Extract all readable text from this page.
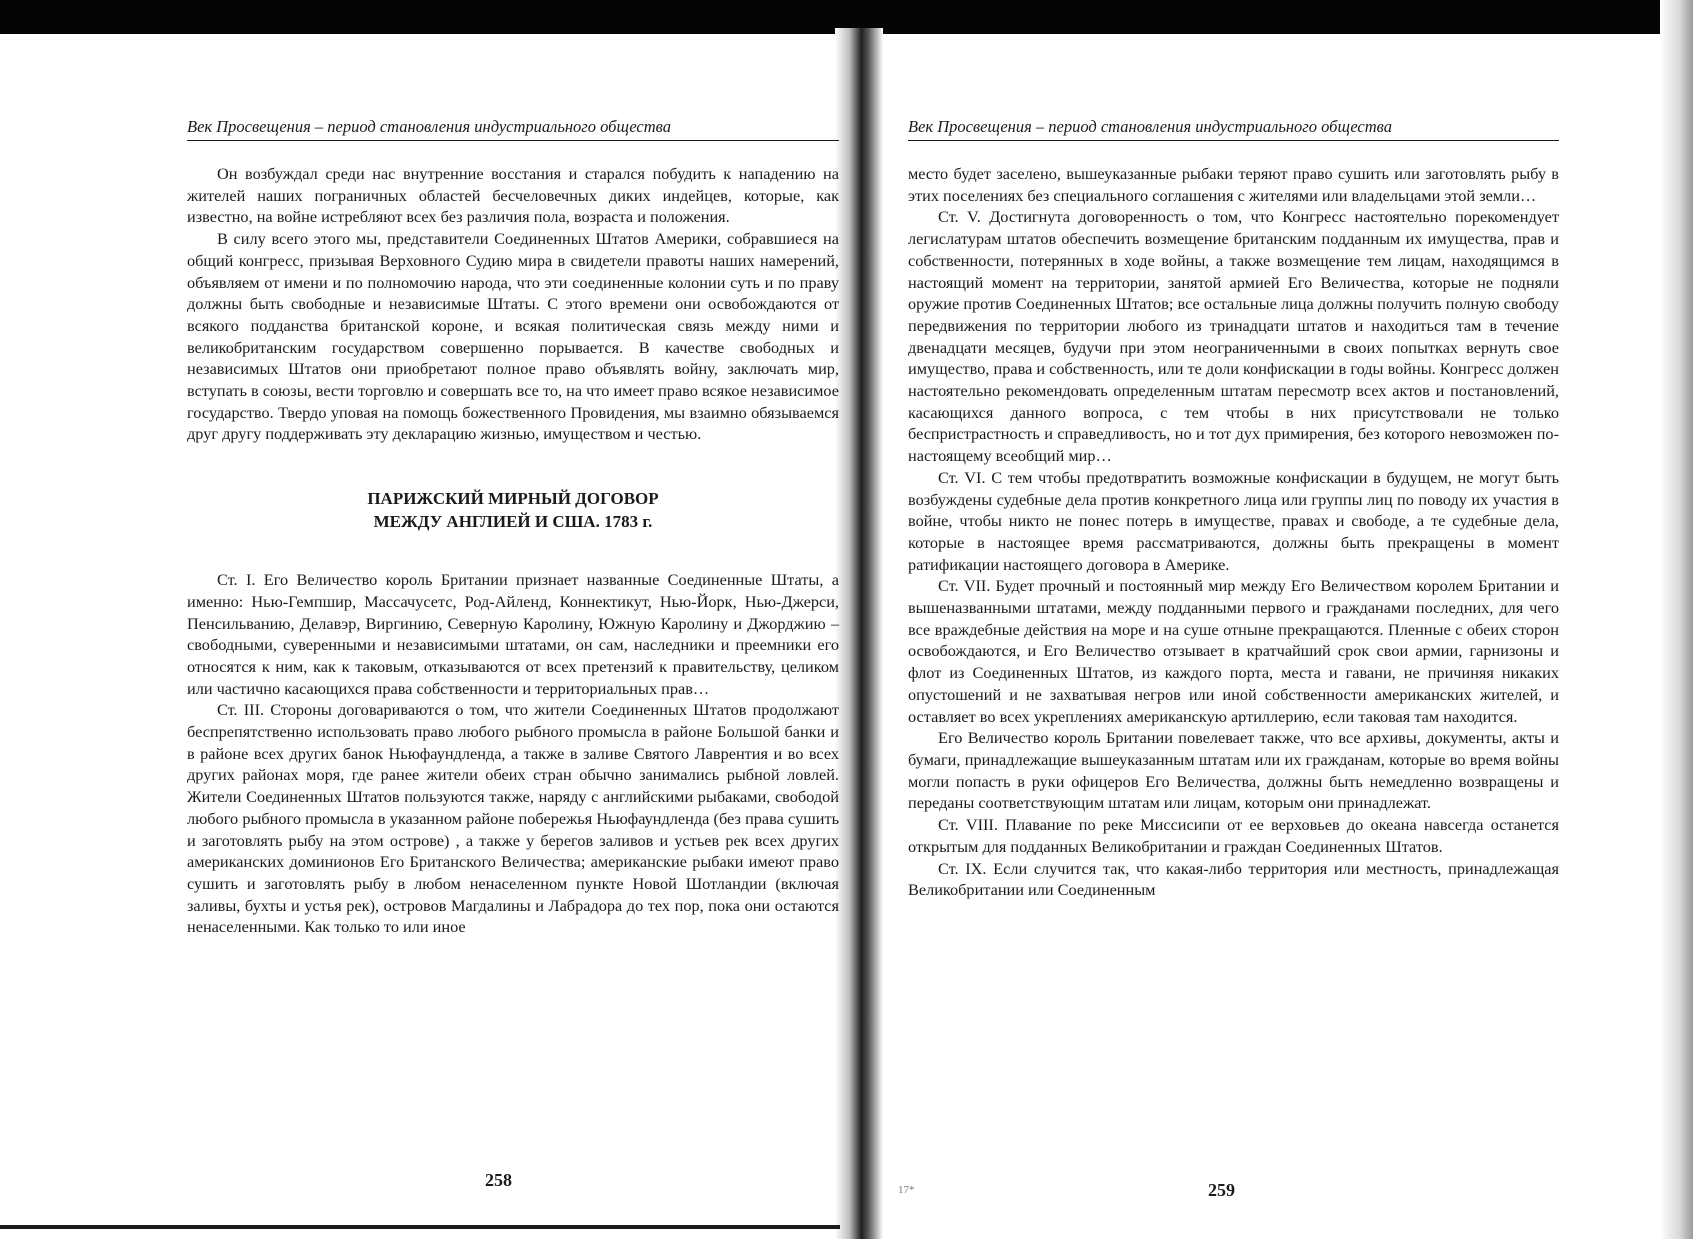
Век Просвещения – период становления индустриального общества

Он возбуждал среди нас внутренние восстания и старался побудить к нападению на жителей наших пограничных областей бесчеловечных диких индейцев, которые, как известно, на войне истребляют всех без различия пола, возраста и положения.

В силу всего этого мы, представители Соединенных Штатов Америки, собравшиеся на общий конгресс, призывая Верховного Судию мира в свидетели правоты наших намерений, объявляем от имени и по полномочию народа, что эти соединенные колонии суть и по праву должны быть свободные и независимые Штаты. С этого времени они освобождаются от всякого подданства британской короне, и всякая политическая связь между ними и великобританским государством совершенно порывается. В качестве свободных и независимых Штатов они приобретают полное право объявлять войну, заключать мир, вступать в союзы, вести торговлю и совершать все то, на что имеет право всякое независимое государство. Твердо уповая на помощь божественного Провидения, мы взаимно обязываемся друг другу поддерживать эту декларацию жизнью, имуществом и честью.

ПАРИЖСКИЙ МИРНЫЙ ДОГОВОР
МЕЖДУ АНГЛИЕЙ И США. 1783 г.

Ст. I. Его Величество король Британии признает названные Соединенные Штаты, а именно: Нью-Гемпшир, Массачусетс, Род-Айленд, Коннектикут, Нью-Йорк, Нью-Джерси, Пенсильванию, Делавэр, Виргинию, Северную Каролину, Южную Каролину и Джорджию – свободными, суверенными и независимыми штатами, он сам, наследники и преемники его относятся к ним, как к таковым, отказываются от всех претензий к правительству, целиком или частично касающихся права собственности и территориальных прав…

Ст. III. Стороны договариваются о том, что жители Соединенных Штатов продолжают беспрепятственно использовать право любого рыбного промысла в районе Большой банки и в районе всех других банок Ньюфаундленда, а также в заливе Святого Лаврентия и во всех других районах моря, где ранее жители обеих стран обычно занимались рыбной ловлей. Жители Соединенных Штатов пользуются также, наряду с английскими рыбаками, свободой любого рыбного промысла в указанном районе побережья Ньюфаундленда (без права сушить и заготовлять рыбу на этом острове) , а также у берегов заливов и устьев рек всех других американских доминионов Его Британского Величества; американские рыбаки имеют право сушить и заготовлять рыбу в любом ненаселенном пункте Новой Шотландии (включая заливы, бухты и устья рек), островов Магдалины и Лабрадора до тех пор, пока они остаются ненаселенными. Как только то или иное

258
Век Просвещения – период становления индустриального общества

место будет заселено, вышеуказанные рыбаки теряют право сушить или заготовлять рыбу в этих поселениях без специального соглашения с жителями или владельцами этой земли…

Ст. V. Достигнута договоренность о том, что Конгресс настоятельно порекомендует легислатурам штатов обеспечить возмещение британским подданным их имущества, прав и собственности, потерянных в ходе войны, а также возмещение тем лицам, находящимся в настоящий момент на территории, занятой армией Его Величества, которые не подняли оружие против Соединенных Штатов; все остальные лица должны получить полную свободу передвижения по территории любого из тринадцати штатов и находиться там в течение двенадцати месяцев, будучи при этом неограниченными в своих попытках вернуть свое имущество, права и собственность, или те доли конфискации в годы войны. Конгресс должен настоятельно рекомендовать определенным штатам пересмотр всех актов и постановлений, касающихся данного вопроса, с тем чтобы в них присутствовали не только беспристрастность и справедливость, но и тот дух примирения, без которого невозможен по-настоящему всеобщий мир…

Ст. VI. С тем чтобы предотвратить возможные конфискации в будущем, не могут быть возбуждены судебные дела против конкретного лица или группы лиц по поводу их участия в войне, чтобы никто не понес потерь в имуществе, правах и свободе, а те судебные дела, которые в настоящее время рассматриваются, должны быть прекращены в момент ратификации настоящего договора в Америке.

Ст. VII. Будет прочный и постоянный мир между Его Величеством королем Британии и вышеназванными штатами, между подданными первого и гражданами последних, для чего все враждебные действия на море и на суше отныне прекращаются. Пленные с обеих сторон освобождаются, и Его Величество отзывает в кратчайший срок свои армии, гарнизоны и флот из Соединенных Штатов, из каждого порта, места и гавани, не причиняя никаких опустошений и не захватывая негров или иной собственности американских жителей, и оставляет во всех укреплениях американскую артиллерию, если таковая там находится.

Его Величество король Британии повелевает также, что все архивы, документы, акты и бумаги, принадлежащие вышеуказанным штатам или их гражданам, которые во время войны могли попасть в руки офицеров Его Величества, должны быть немедленно возвращены и переданы соответствующим штатам или лицам, которым они принадлежат.

Ст. VIII. Плавание по реке Миссисипи от ее верховьев до океана навсегда останется открытым для подданных Великобритании и граждан Соединенных Штатов.

Ст. IX. Если случится так, что какая-либо территория или местность, принадлежащая Великобритании или Соединенным

17*	259
